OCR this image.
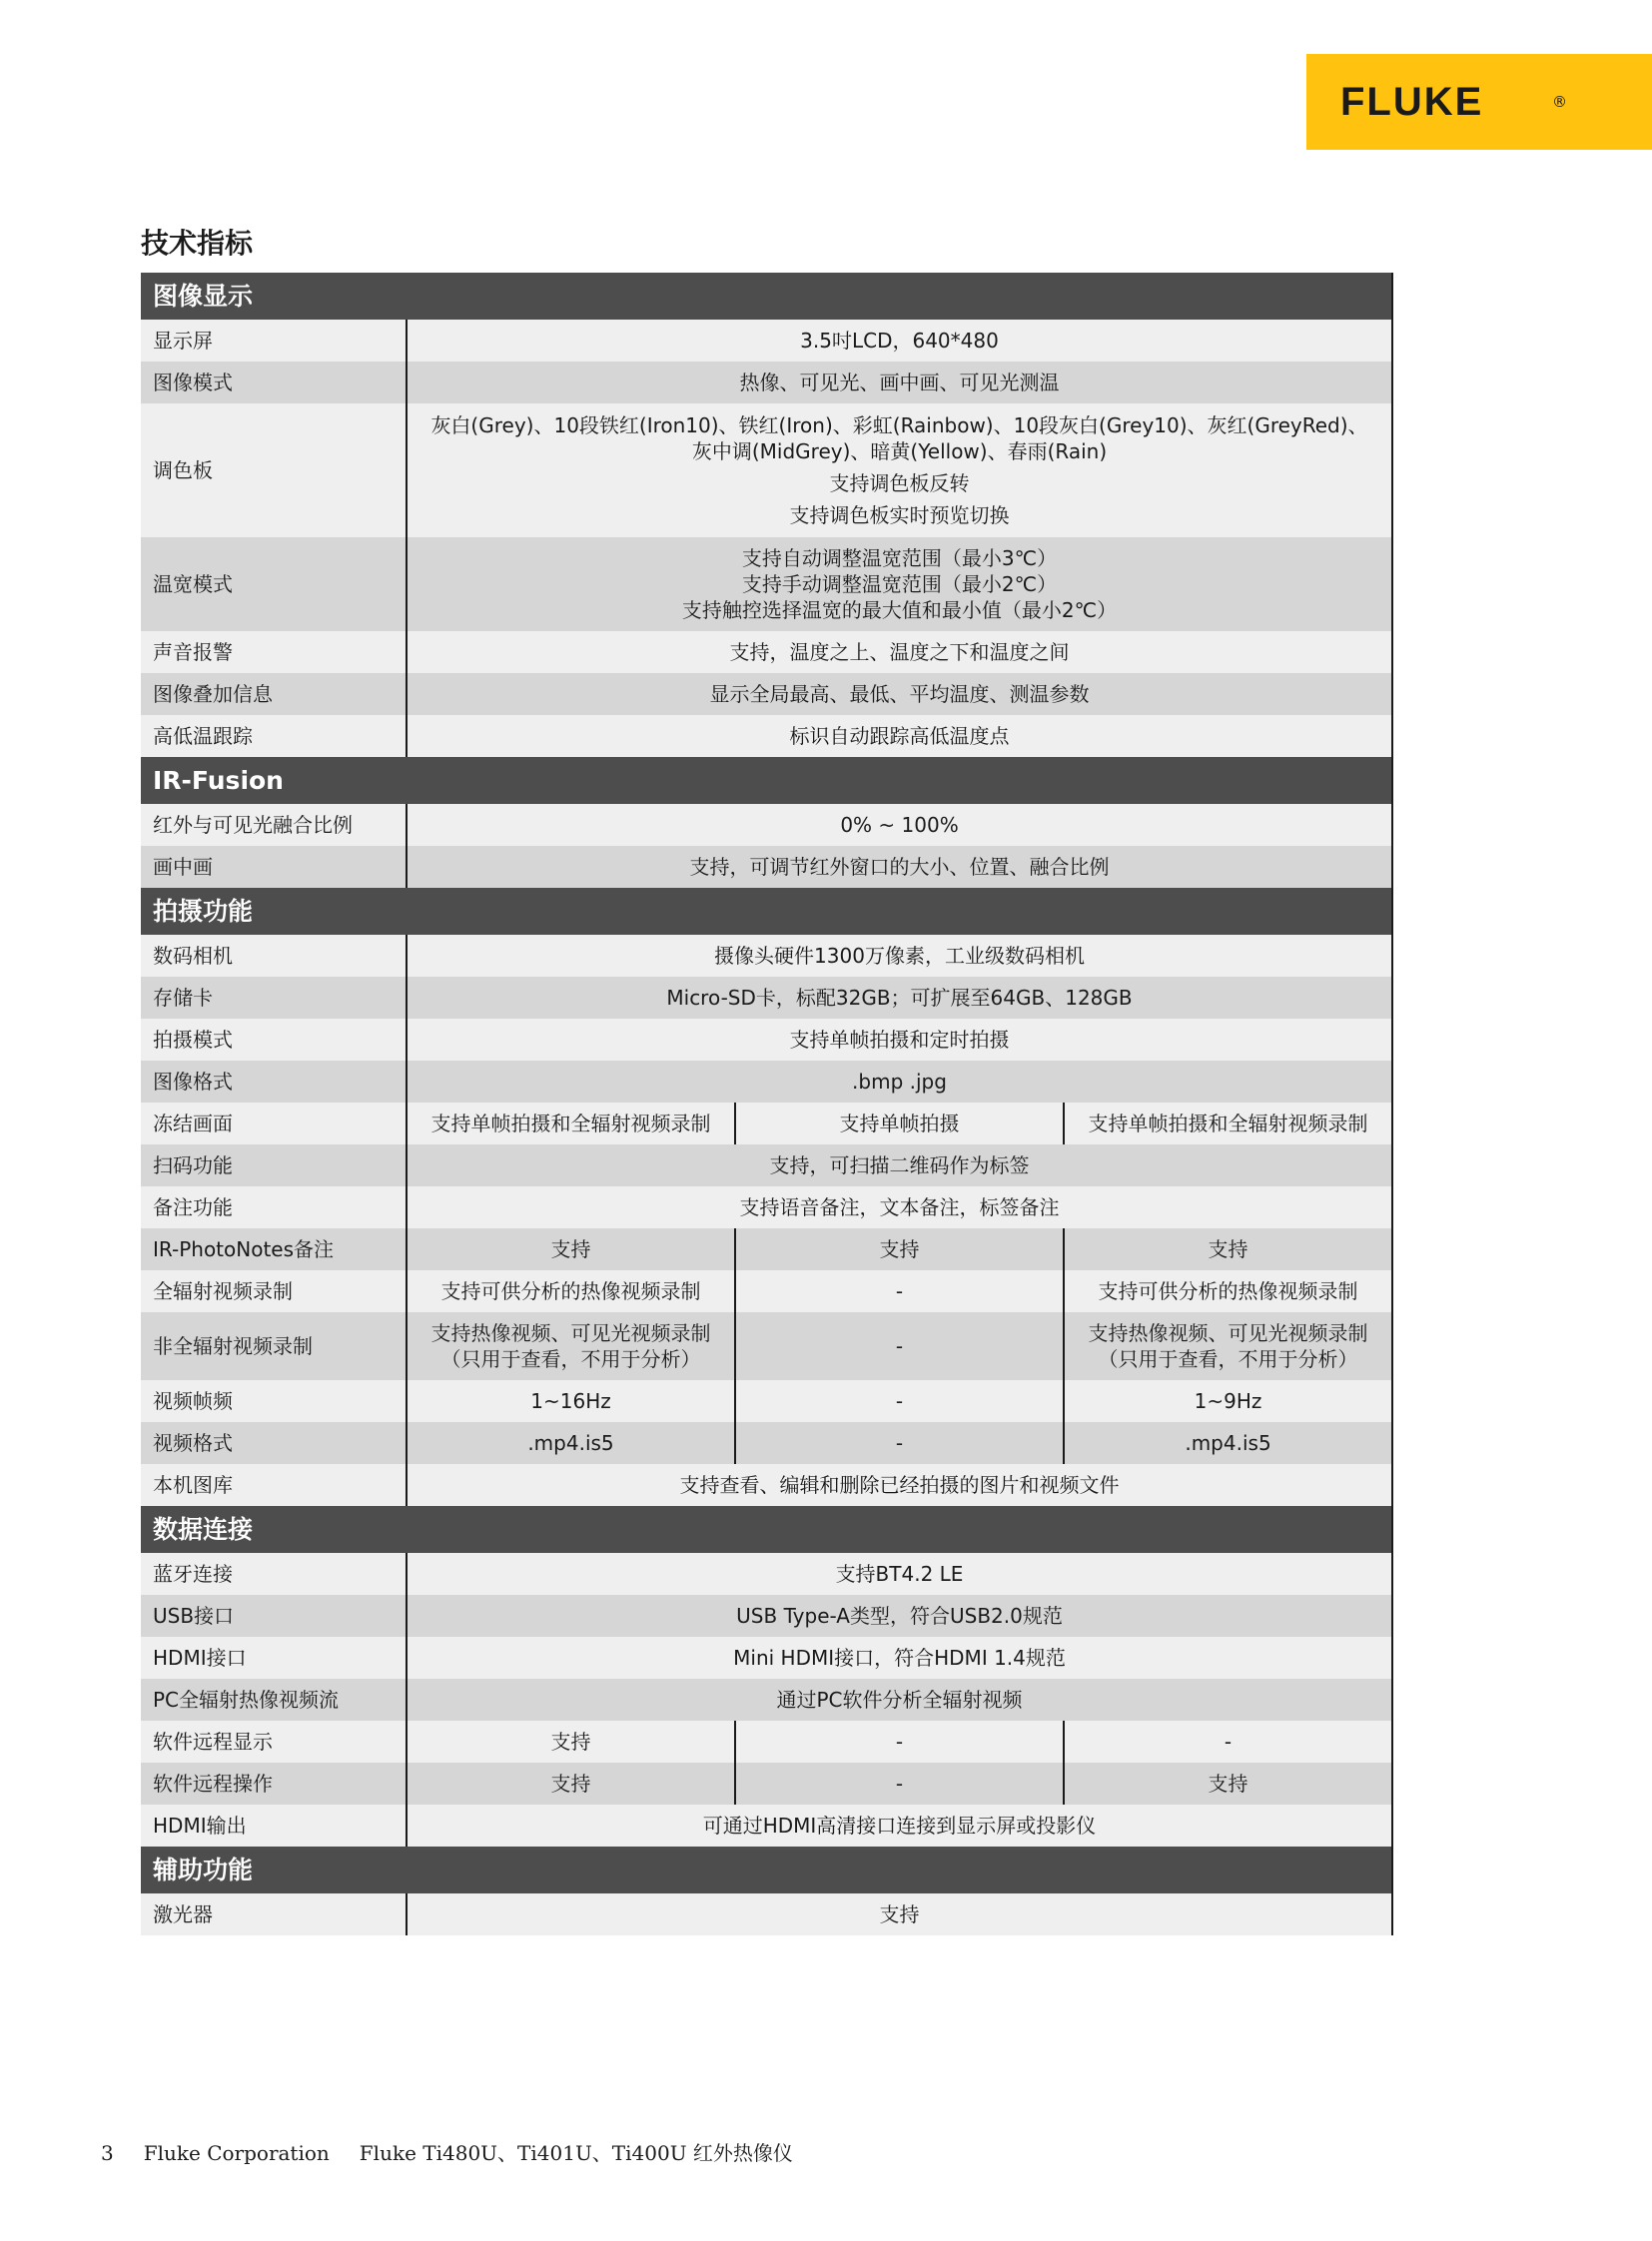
FLUKE	®
技术指标
图像显示			
显示屏	3.5吋LCD，640*480		
图像模式	热像、可见光、画中画、可见光测温		
调色板	灰白(Grey)、10段铁红(Iron10)、铁红(Iron)、彩虹(Rainbow)、10段灰白(Grey10)、灰红(GreyRed)、
灰中调(MidGrey)、暗黄(Yellow)、春雨(Rain)
支持调色板反转
支持调色板实时预览切换		

温宽模式	支持自动调整温宽范围（最小3℃）
支持手动调整温宽范围（最小2℃）
支持触控选择温宽的最大值和最小值（最小2℃）		

声音报警	支持，温度之上、温度之下和温度之间		
图像叠加信息	显示全局最高、最低、平均温度、测温参数		
高低温跟踪	标识自动跟踪高低温度点		
IR-Fusion			
红外与可见光融合比例	0% ~ 100%		
画中画	支持，可调节红外窗口的大小、位置、融合比例		
拍摄功能			
数码相机	摄像头硬件1300万像素，工业级数码相机		
存储卡	Micro-SD卡，标配32GB；可扩展至64GB、128GB		
拍摄模式	支持单帧拍摄和定时拍摄		
图像格式	.bmp .jpg		
冻结画面	支持单帧拍摄和全辐射视频录制	支持单帧拍摄	支持单帧拍摄和全辐射视频录制
扫码功能	支持，可扫描二维码作为标签		
备注功能	支持语音备注，文本备注，标签备注		
IR-PhotoNotes备注	支持	支持	支持
全辐射视频录制	支持可供分析的热像视频录制	-	支持可供分析的热像视频录制
非全辐射视频录制	支持热像视频、可见光视频录制（只用于查看，不用于分析）	-	支持热像视频、可见光视频录制（只用于查看，不用于分析）
视频帧频	1~16Hz	-	1~9Hz
视频格式	.mp4.is5	-	.mp4.is5
本机图库	支持查看、编辑和删除已经拍摄的图片和视频文件		
数据连接			
蓝牙连接	支持BT4.2 LE		
USB接口	USB Type-A类型，符合USB2.0规范		
HDMI接口	Mini HDMI接口，符合HDMI 1.4规范		
PC全辐射热像视频流	通过PC软件分析全辐射视频		
软件远程显示	支持	-	-
软件远程操作	支持	-	支持
HDMI输出	可通过HDMI高清接口连接到显示屏或投影仪		
辅助功能			
激光器	支持		
3 Fluke Corporation Fluke Ti480U、Ti401U、Ti400U 红外热像仪
